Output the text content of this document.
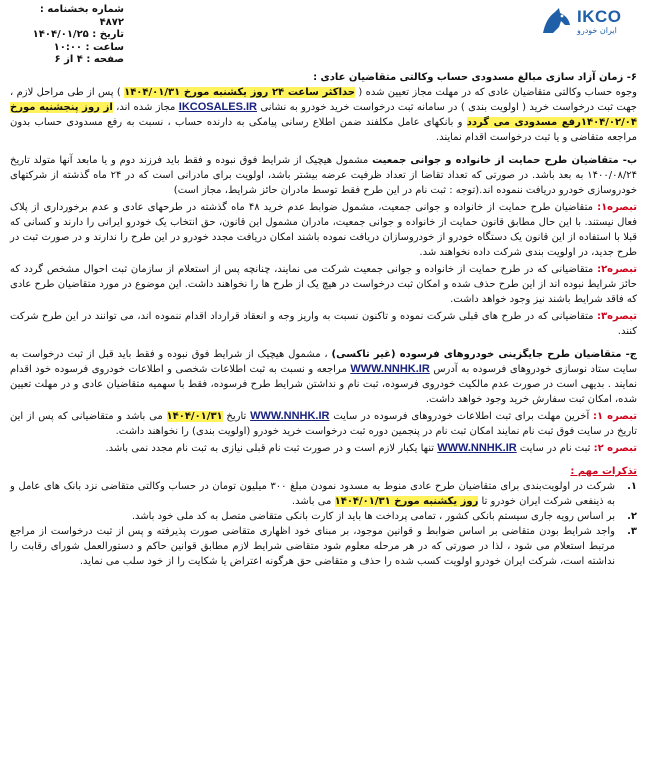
شماره بخشنامه : ۴۸۷۲
تاریخ : ۱۴۰۴/۰۱/۲۵
ساعت : ۱۰:۰۰
صفحه : ۴ از ۶
IKCO
ایران خودرو

۶- زمان آزاد سازی مبالغ مسدودی حساب وکالتی متقاضیان عادی :

وجوه حساب وکالتی متقاضیان عادی که در مهلت مجاز تعیین شده ( حداکثر ساعت ۲۴ روز یکشنبه مورخ ۱۴۰۴/۰۱/۳۱ ) پس از طی مراحل لازم ، جهت ثبت درخواست خرید ( اولویت بندی ) در سامانه ثبت درخواست خرید خودرو به نشانی IKCOSALES.IR مجاز شده اند، از روز پنجشنبه مورخ ۱۴۰۴/۰۲/۰۴رفع مسدودی می گردد و بانکهای عامل مکلفند ضمن اطلاع رسانی پیامکی به دارنده حساب ، نسبت به رفع مسدودی حساب بدون مراجعه متقاضی و یا ثبت درخواست اقدام نمایند.

ب- متقاضیان طرح حمایت از خانواده و جوانی جمعیت مشمول هیچیک از شرایط فوق نبوده و فقط باید فرزند دوم و یا مابعد آنها متولد تاریخ ۱۴۰۰/۰۸/۲۴ به بعد باشد. در صورتی که تعداد تقاضا از تعداد ظرفیت عرضه بیشتر باشد، اولویت برای مادرانی است که در ۲۴ ماه گذشته از شرکتهای خودروسازی خودرو دریافت ننموده اند.(توجه : ثبت نام در این طرح فقط توسط مادران حائز شرایط، مجاز است)

تبصره۱: متقاضیان طرح حمایت از خانواده و جوانی جمعیت، مشمول ضوابط عدم خرید ۴۸ ماه گذشته در طرحهای عادی و عدم برخورداری از پلاک فعال نیستند. با این حال مطابق قانون حمایت از خانواده و جوانی جمعیت، مادران مشمول این قانون، حق انتخاب یک خودرو ایرانی را دارند و کسانی که قبلا با استفاده از این قانون یک دستگاه خودرو از خودروسازان دریافت نموده باشند امکان دریافت مجدد خودرو در این طرح را ندارند و در صورت ثبت در طرح جدید، در اولویت بندی شرکت داده نخواهند شد.

تبصره۲: متقاضیانی که در طرح حمایت از خانواده و جوانی جمعیت شرکت می نمایند، چنانچه پس از استعلام از سازمان ثبت احوال مشخص گردد که حائز شرایط نبوده اند از این طرح حذف شده و امکان ثبت درخواست در هیچ یک از طرح ها را نخواهند داشت. این موضوع در مورد متقاضیان طرح عادی که فاقد شرایط باشند نیز وجود خواهد داشت.

تبصره۳: متقاضیانی که در طرح های قبلی شرکت نموده و تاکنون نسبت به واریز وجه و انعقاد قرارداد اقدام ننموده اند، می توانند در این طرح شرکت کنند.

ج- متقاضیان طرح جایگزینی خودروهای فرسوده (غیر تاکسی) ، مشمول هیچیک از شرایط فوق نبوده و فقط باید قبل از ثبت درخواست به سایت ستاد نوسازی خودروهای فرسوده به آدرس WWW.NNHK.IR مراجعه و نسبت به ثبت اطلاعات شخصی و اطلاعات خودروی فرسوده خود اقدام نمایند . بدیهی است در صورت عدم مالکیت خودروی فرسوده، ثبت نام و نداشتن شرایط طرح فرسوده، فقط با سهمیه متقاضیان عادی و در مهلت تعیین شده، امکان ثبت سفارش خرید وجود خواهد داشت.

تبصره ۱: آخرین مهلت برای ثبت اطلاعات خودروهای فرسوده در سایت WWW.NNHK.IR تاریخ ۱۴۰۴/۰۱/۳۱ می باشد و متقاضیانی که پس از این تاریخ در سایت فوق ثبت نام نمایند امکان ثبت نام در پنجمین دوره ثبت درخواست خرید خودرو (اولویت بندی) را نخواهند داشت.

تبصره ۲: ثبت نام در سایت WWW.NNHK.IR تنها یکبار لازم است و در صورت ثبت نام قبلی نیازی به ثبت نام مجدد نمی باشد.

تذکرات مهم :

۱.
شرکت در اولویت‌بندی برای متقاضیان طرح عادی منوط به مسدود نمودن مبلغ ۳۰۰ میلیون تومان در حساب وکالتی متقاضی نزد بانک های عامل و به ذینفعی شرکت ایران خودرو تا روز یکشنبه مورخ ۱۴۰۴/۰۱/۳۱ می باشد.
۲.
بر اساس رویه جاری سیستم بانکی کشور ، تمامی پرداخت ها باید از کارت بانکی متقاضی متصل به کد ملی خود باشد.
۳.
واجد شرایط بودن متقاضی بر اساس ضوابط و قوانین موجود، بر مبنای خود اظهاری متقاضی صورت پذیرفته و پس از ثبت درخواست از مراجع مرتبط استعلام می شود ، لذا در صورتی که در هر مرحله معلوم شود متقاضی شرایط لازم مطابق قوانین حاکم و دستورالعمل شورای رقابت را نداشته است، شرکت ایران خودرو اولویت کسب شده را حذف و متقاضی حق هرگونه اعتراض یا شکایت را از خود سلب می نماید.
